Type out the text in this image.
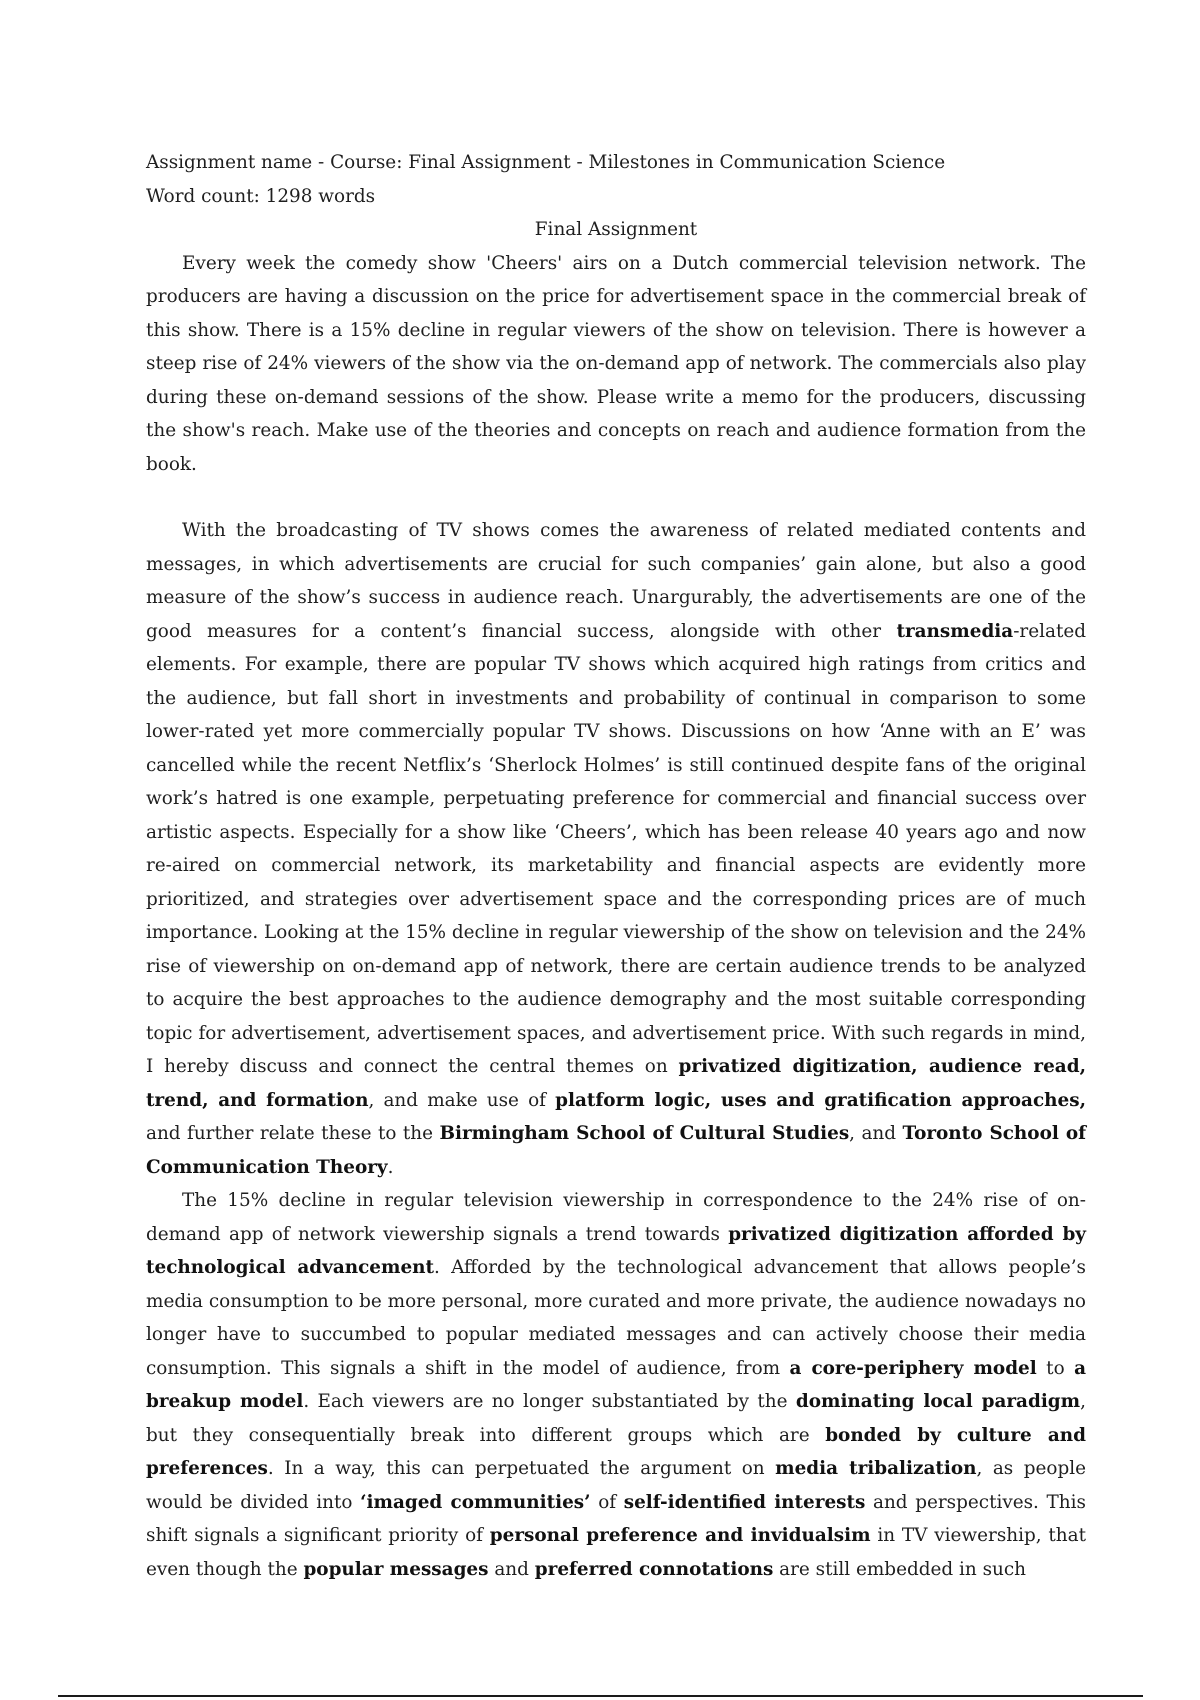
Assignment name - Course: Final Assignment - Milestones in Communication Science

Word count: 1298 words

Final Assignment

Every week the comedy show 'Cheers' airs on a Dutch commercial television network. The producers are having a discussion on the price for advertisement space in the commercial break of this show. There is a 15% decline in regular viewers of the show on television. There is however a steep rise of 24% viewers of the show via the on-demand app of network. The commercials also play during these on-demand sessions of the show. Please write a memo for the producers, discussing the show's reach. Make use of the theories and concepts on reach and audience formation from the book.

With the broadcasting of TV shows comes the awareness of related mediated contents and messages, in which advertisements are crucial for such companies’ gain alone, but also a good measure of the show’s success in audience reach. Unargurably, the advertisements are one of the good measures for a content’s financial success, alongside with other transmedia-related elements. For example, there are popular TV shows which acquired high ratings from critics and the audience, but fall short in investments and probability of continual in comparison to some lower-rated yet more commercially popular TV shows. Discussions on how ‘Anne with an E’ was cancelled while the recent Netflix’s ‘Sherlock Holmes’ is still continued despite fans of the original work’s hatred is one example, perpetuating preference for commercial and financial success over artistic aspects. Especially for a show like ‘Cheers’, which has been release 40 years ago and now re-aired on commercial network, its marketability and financial aspects are evidently more prioritized, and strategies over advertisement space and the corresponding prices are of much importance. Looking at the 15% decline in regular viewership of the show on television and the 24% rise of viewership on on-demand app of network, there are certain audience trends to be analyzed to acquire the best approaches to the audience demography and the most suitable corresponding topic for advertisement, advertisement spaces, and advertisement price. With such regards in mind, I hereby discuss and connect the central themes on privatized digitization, audience read, trend, and formation, and make use of platform logic, uses and gratification approaches, and further relate these to the Birmingham School of Cultural Studies, and Toronto School of Communication Theory.

The 15% decline in regular television viewership in correspondence to the 24% rise of on-demand app of network viewership signals a trend towards privatized digitization afforded by technological advancement. Afforded by the technological advancement that allows people’s media consumption to be more personal, more curated and more private, the audience nowadays no longer have to succumbed to popular mediated messages and can actively choose their media consumption. This signals a shift in the model of audience, from a core-periphery model to a breakup model. Each viewers are no longer substantiated by the dominating local paradigm, but they consequentially break into different groups which are bonded by culture and preferences. In a way, this can perpetuated the argument on media tribalization, as people would be divided into ‘imaged communities’ of self-identified interests and perspectives. This shift signals a significant priority of personal preference and invidualsim in TV viewership, that even though the popular messages and preferred connotations are still embedded in such
